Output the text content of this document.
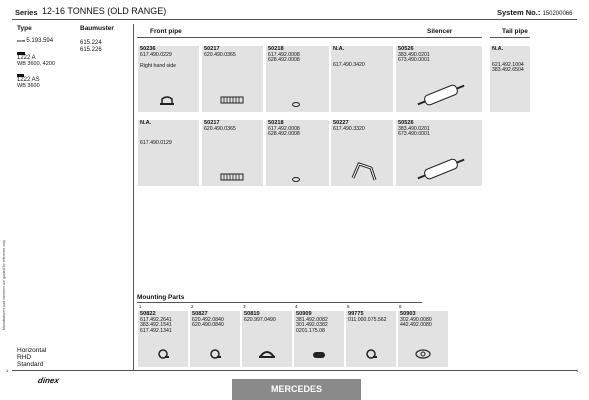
Series 12-16 TONNES (OLD RANGE)	System No.: 150200066
Manufacturers part numbers are quoted for reference only
Type	Baumuster
ccm 5.193.594
1222 A
WB 3600, 4200
1222 AS
WB 3600
615.224
615.226
Horizontal
RHD
Standard
1	1
dinex
MERCEDES
Front pipe	Silencer	Tail pipe
50236
617.490.0229
Right hand side
50217
620.490.0365
50218
617.492.0008
628.492.0008
N.A.
617.490.3420
50526
383.490.0201
673.490.0001
N.A.
621.492.1004
383.492.6504
N.A.
617.490.0129
50217
620.490.0365
50218
617.492.0008
628.492.0008
50227
617.490.3320
50526
383.490.0201
673.490.0001
Mounting Parts
1
50822
617.492.2641
383.492.1541
617.492.1341
2
50827
620.492.0840
620.490.0840
3
50810
620.997.0490
4
50909
381.492.0082
301.492.0382
0201.175.08
5
99775
011.000.075.562
6
50903
302.490.0080
442.492.0080
